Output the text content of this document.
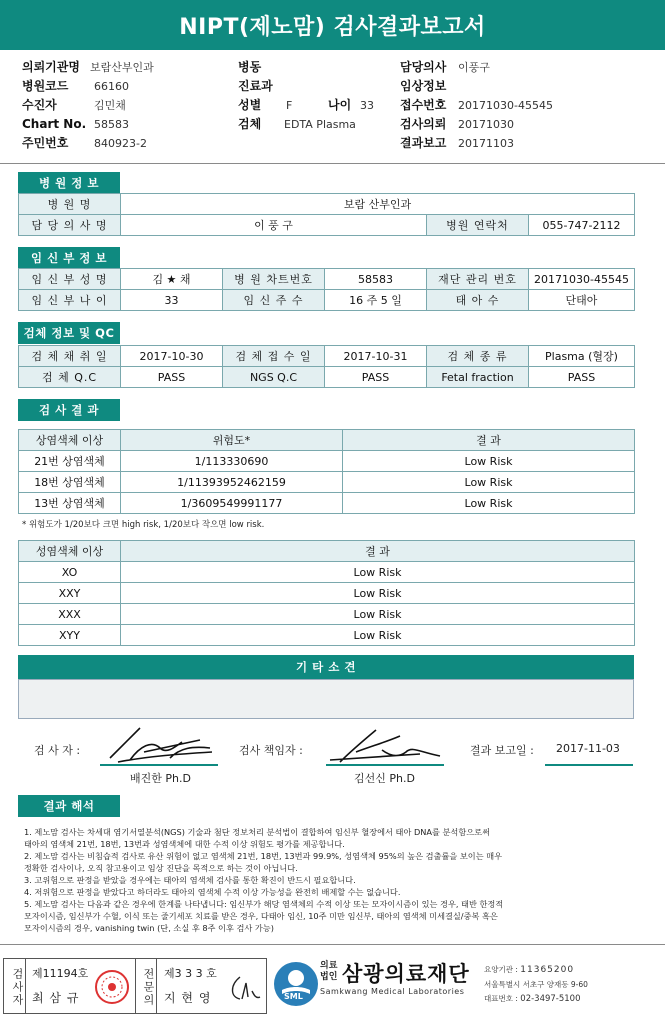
NIPT(제노맘) 검사결과보고서
의뢰기관명 보람산부인과
병원코드 66160
수진자	김민채
Chart No. 58583
주민번호 840923-2
병동
진료과
성별 F	나이 33
검체 EDTA Plasma
담당의사 이풍구
임상정보
접수번호 20171030-45545
검사의뢰 20171030
결과보고 20171103
병 원 정 보
병 원 명	보람 산부인과		
담 당 의 사 명	이 풍 구	병원 연락처	055-747-2112
임 신 부 정 보
임 신 부 성 명	김 ★ 채	병 원 차트번호	58583	재단 관리 번호	20171030-45545
임 신 부 나 이	33	임 신 주 수	16 주 5 일	태 아 수	단태아
검체 정보 및 QC
검 체 채 취 일	2017-10-30	검 체 접 수 일	2017-10-31	검 체 종 류	Plasma (혈장)
검 체 Q.C	PASS	NGS Q.C	PASS	Fetal fraction	PASS
검 사 결 과
상염색체 이상	위험도*	결 과
21번 상염색체	1/113330690	Low Risk
18번 상염색체	1/11393952462159	Low Risk
13번 상염색체	1/3609549991177	Low Risk
* 위험도가 1/20보다 크면 high risk, 1/20보다 작으면 low risk.
성염색체 이상	결 과
XO	Low Risk
XXY	Low Risk
XXX	Low Risk
XYY	Low Risk
기 타 소 견
검 사 자 :
배진한 Ph.D
검사 책임자 :
김선신 Ph.D
결과 보고일 : 2017-11-03
결과 해석
1. 제노맘 검사는 차세대 염기서열분석(NGS) 기술과 첨단 정보처리 분석법이 결합하여 임신부 혈장에서 태아 DNA를 분석함으로써
태아의 염색체 21번, 18번, 13번과 성염색체에 대한 수적 이상 위험도 평가를 제공합니다.
2. 제노맘 검사는 비침습적 검사로 유산 위험이 없고 염색체 21번, 18번, 13번과 99.9%, 성염색체 95%의 높은 검출률을 보이는 매우
정확한 검사이나, 오직 참고용이고 임상 진단을 목적으로 하는 것이 아닙니다.
3. 고위험으로 판정을 받았을 경우에는 태아의 염색체 검사를 통한 확진이 반드시 필요합니다.
4. 저위험으로 판정을 받았다고 하더라도 태아의 염색체 수적 이상 가능성을 완전히 배제할 수는 없습니다.
5. 제노맘 검사는 다음과 같은 경우에 한계를 나타냅니다: 임신부가 해당 염색체의 수적 이상 또는 모자이시즘이 있는 경우, 태반 한정적
모자이시즘, 임신부가 수혈, 이식 또는 줄기세포 치료를 받은 경우, 다태아 임신, 10주 미만 임신부, 태아의 염색체 미세결실/중복 혹은
모자이시즘의 경우, vanishing twin (단, 소실 후 8주 이후 검사 가능)
검사자 제11194호
최 삼 규	전문의 제3 3 3 호
지 현 영	SML
의료
법인 삼광의료재단
Samkwang Medical Laboratories
요양기관 : 11365200
서울특별시 서초구 양재동 9-60
대표번호 : 02-3497-5100
